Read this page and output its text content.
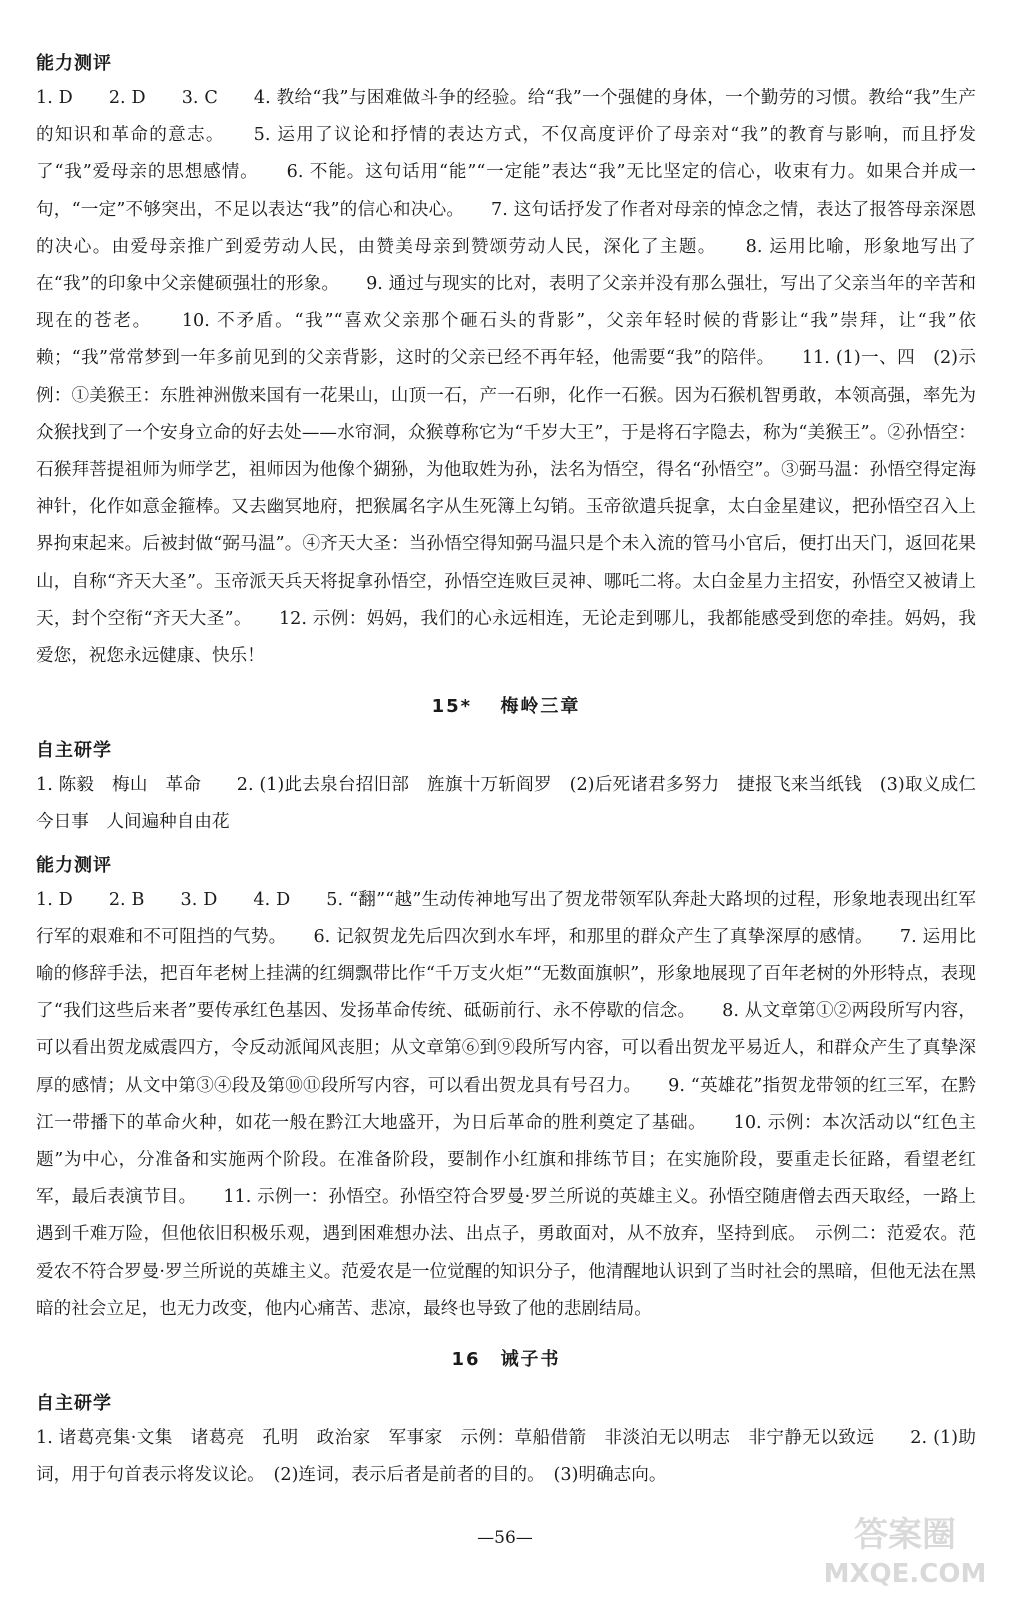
能力测评

1. D　　2. D　　3. C　　4. 教给“我”与困难做斗争的经验。给“我”一个强健的身体，一个勤劳的习惯。教给“我”生产的知识和革命的意志。　　5. 运用了议论和抒情的表达方式，不仅高度评价了母亲对“我”的教育与影响，而且抒发了“我”爱母亲的思想感情。　　6. 不能。这句话用“能”“一定能”表达“我”无比坚定的信心，收束有力。如果合并成一句，“一定”不够突出，不足以表达“我”的信心和决心。　　7. 这句话抒发了作者对母亲的悼念之情，表达了报答母亲深恩的决心。由爱母亲推广到爱劳动人民，由赞美母亲到赞颂劳动人民，深化了主题。　　8. 运用比喻，形象地写出了在“我”的印象中父亲健硕强壮的形象。　　9. 通过与现实的比对，表明了父亲并没有那么强壮，写出了父亲当年的辛苦和现在的苍老。　　10. 不矛盾。“我”“喜欢父亲那个砸石头的背影”，父亲年轻时候的背影让“我”崇拜，让“我”依赖；“我”常常梦到一年多前见到的父亲背影，这时的父亲已经不再年轻，他需要“我”的陪伴。　　11. (1)一、四　(2)示例：①美猴王：东胜神洲傲来国有一花果山，山顶一石，产一石卵，化作一石猴。因为石猴机智勇敢，本领高强，率先为众猴找到了一个安身立命的好去处——水帘洞，众猴尊称它为“千岁大王”，于是将石字隐去，称为“美猴王”。②孙悟空：石猴拜菩提祖师为师学艺，祖师因为他像个猢狲，为他取姓为孙，法名为悟空，得名“孙悟空”。③弼马温：孙悟空得定海神针，化作如意金箍棒。又去幽冥地府，把猴属名字从生死簿上勾销。玉帝欲遣兵捉拿，太白金星建议，把孙悟空召入上界拘束起来。后被封做“弼马温”。④齐天大圣：当孙悟空得知弼马温只是个未入流的管马小官后，便打出天门，返回花果山，自称“齐天大圣”。玉帝派天兵天将捉拿孙悟空，孙悟空连败巨灵神、哪吒二将。太白金星力主招安，孙悟空又被请上天，封个空衔“齐天大圣”。　　12. 示例：妈妈，我们的心永远相连，无论走到哪儿，我都能感受到您的牵挂。妈妈，我爱您，祝您永远健康、快乐！

15* 　梅岭三章
自主研学

1. 陈毅　梅山　革命　　2. (1)此去泉台招旧部　旌旗十万斩阎罗　(2)后死诸君多努力　捷报飞来当纸钱　(3)取义成仁今日事　人间遍种自由花

能力测评

1. D　　2. B　　3. D　　4. D　　5. “翻”“越”生动传神地写出了贺龙带领军队奔赴大路坝的过程，形象地表现出红军行军的艰难和不可阻挡的气势。　　6. 记叙贺龙先后四次到水车坪，和那里的群众产生了真挚深厚的感情。　　7. 运用比喻的修辞手法，把百年老树上挂满的红绸飘带比作“千万支火炬”“无数面旗帜”，形象地展现了百年老树的外形特点，表现了“我们这些后来者”要传承红色基因、发扬革命传统、砥砺前行、永不停歇的信念。　　8. 从文章第①②两段所写内容，可以看出贺龙威震四方，令反动派闻风丧胆；从文章第⑥到⑨段所写内容，可以看出贺龙平易近人，和群众产生了真挚深厚的感情；从文中第③④段及第⑩⑪段所写内容，可以看出贺龙具有号召力。　　9. “英雄花”指贺龙带领的红三军，在黔江一带播下的革命火种，如花一般在黔江大地盛开，为日后革命的胜利奠定了基础。　　10. 示例：本次活动以“红色主题”为中心，分准备和实施两个阶段。在准备阶段，要制作小红旗和排练节目；在实施阶段，要重走长征路，看望老红军，最后表演节目。　　11. 示例一：孙悟空。孙悟空符合罗曼·罗兰所说的英雄主义。孙悟空随唐僧去西天取经，一路上遇到千难万险，但他依旧积极乐观，遇到困难想办法、出点子，勇敢面对，从不放弃，坚持到底。　示例二：范爱农。范爱农不符合罗曼·罗兰所说的英雄主义。范爱农是一位觉醒的知识分子，他清醒地认识到了当时社会的黑暗，但他无法在黑暗的社会立足，也无力改变，他内心痛苦、悲凉，最终也导致了他的悲剧结局。

16　诫子书
自主研学

1. 诸葛亮集·文集　诸葛亮　孔明　政治家　军事家　示例：草船借箭　非淡泊无以明志　非宁静无以致远　　2. (1)助词，用于句首表示将发议论。　(2)连词，表示后者是前者的目的。　(3)明确志向。

—56—	答案圈
MXQE.COM
